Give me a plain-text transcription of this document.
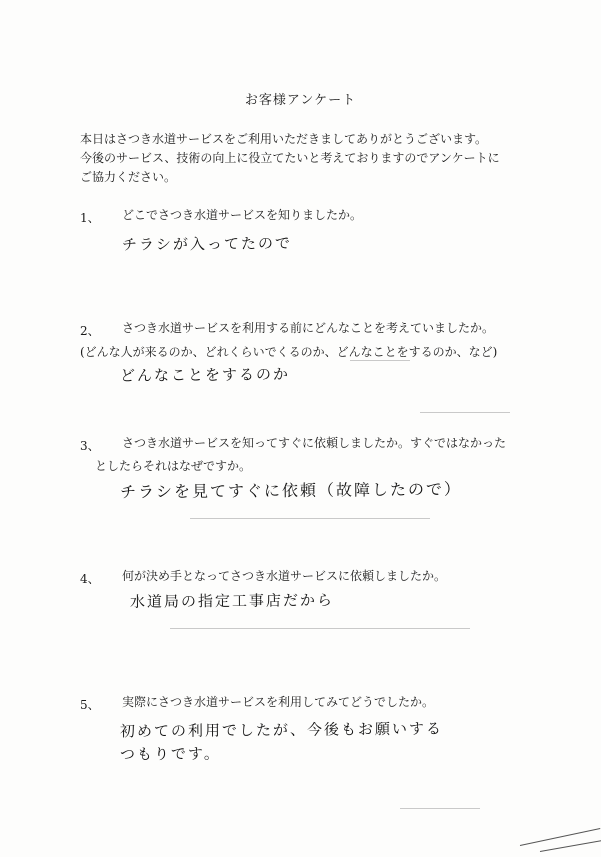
お客様アンケート
本日はさつき水道サービスをご利用いただきましてありがとうございます。
今後のサービス、技術の向上に役立てたいと考えておりますのでアンケートに
ご協力ください。
1、 どこでさつき水道サービスを知りましたか。
チラシが入ってたので
2、 さつき水道サービスを利用する前にどんなことを考えていましたか。
(どんな人が来るのか、どれくらいでくるのか、どんなことをするのか、など)
どんなことをするのか
3、 さつき水道サービスを知ってすぐに依頼しましたか。すぐではなかった
としたらそれはなぜですか。
チラシを見てすぐに依頼（故障したので）
4、 何が決め手となってさつき水道サービスに依頼しましたか。
水道局の指定工事店だから
5、 実際にさつき水道サービスを利用してみてどうでしたか。
初めての利用でしたが、今後もお願いする
つもりです。
